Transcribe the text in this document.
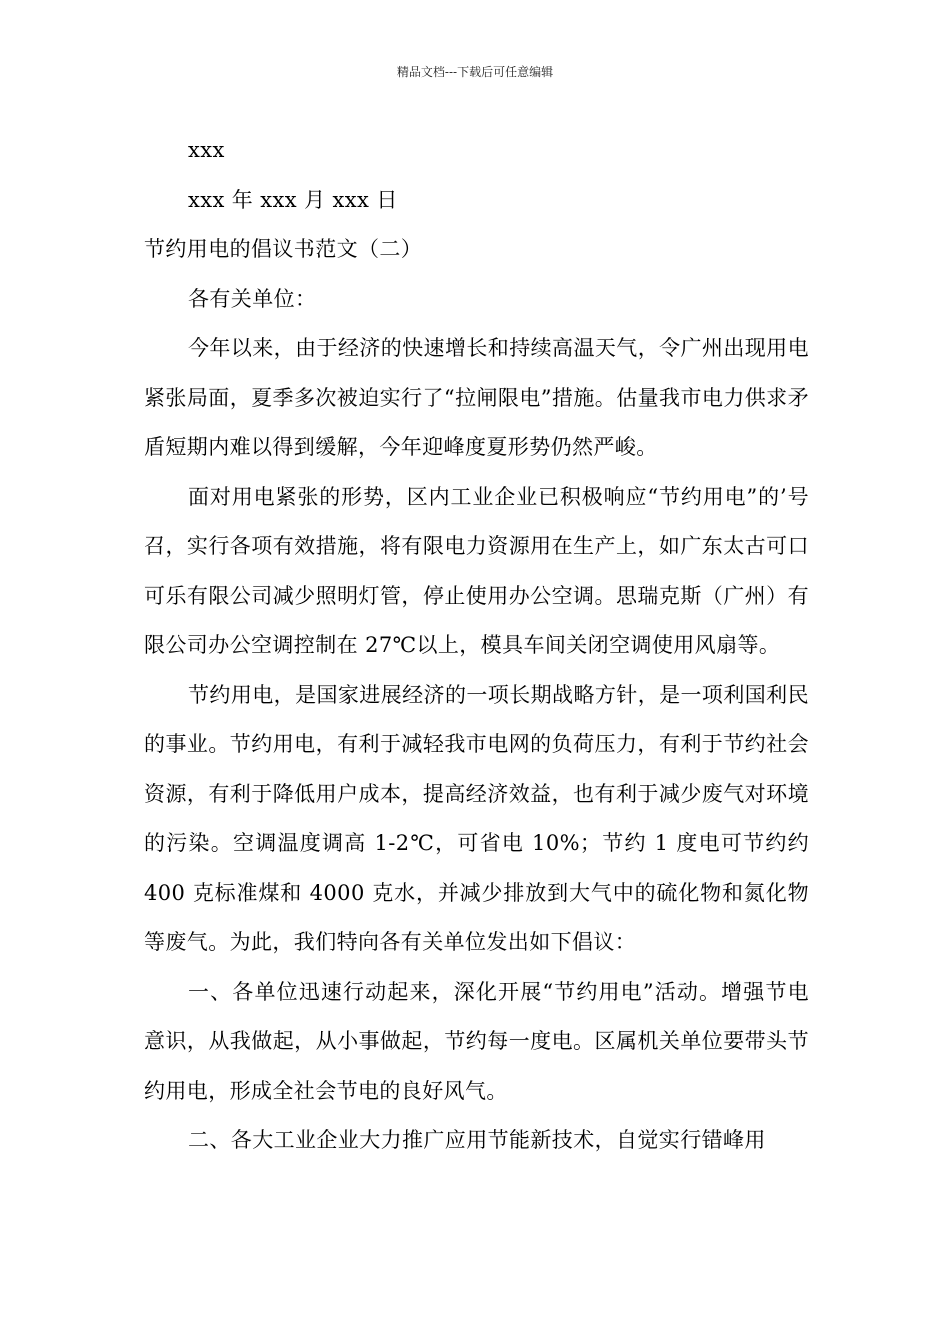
精品文档---下载后可任意编辑

xxx

xxx 年 xxx 月 xxx 日

节约用电的倡议书范文（二）

各有关单位：

今年以来，由于经济的快速增长和持续高温天气，令广州出现用电紧张局面，夏季多次被迫实行了“拉闸限电”措施。估量我市电力供求矛盾短期内难以得到缓解，今年迎峰度夏形势仍然严峻。

面对用电紧张的形势，区内工业企业已积极响应“节约用电”的’号召，实行各项有效措施，将有限电力资源用在生产上，如广东太古可口可乐有限公司减少照明灯管，停止使用办公空调。思瑞克斯（广州）有限公司办公空调控制在 27℃以上，模具车间关闭空调使用风扇等。

节约用电，是国家进展经济的一项长期战略方针，是一项利国利民的事业。节约用电，有利于减轻我市电网的负荷压力，有利于节约社会资源，有利于降低用户成本，提高经济效益，也有利于减少废气对环境的污染。空调温度调高 1-2℃，可省电 10%；节约 1 度电可节约约 400 克标准煤和 4000 克水，并减少排放到大气中的硫化物和氮化物等废气。为此，我们特向各有关单位发出如下倡议：

一、各单位迅速行动起来，深化开展“节约用电”活动。增强节电意识，从我做起，从小事做起，节约每一度电。区属机关单位要带头节约用电，形成全社会节电的良好风气。

二、各大工业企业大力推广应用节能新技术，自觉实行错峰用
